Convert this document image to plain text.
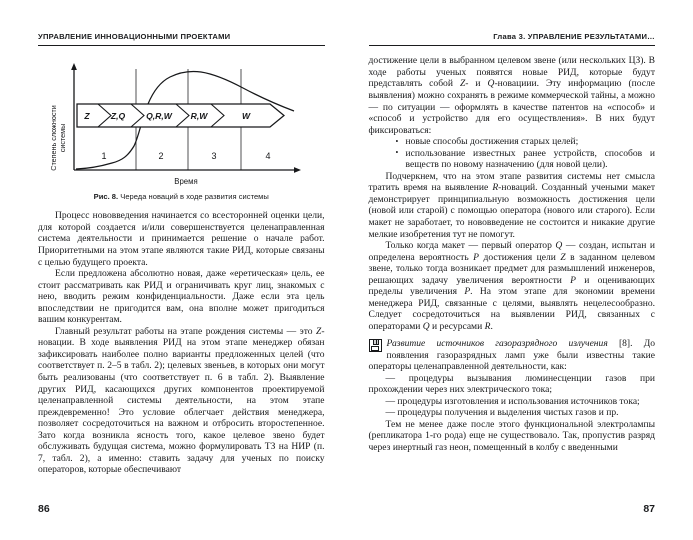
УПРАВЛЕНИЕ ИННОВАЦИОННЫМИ ПРОЕКТАМИ
Степень сложности системы
Z Z,Q Q,R,W R,W	W
1	2	3	4
Время
Рис. 8. Череда новаций в ходе развития системы

Процесс нововведения начинается со всесторонней оценки цели, для которой создается и/или совершенствуется целенаправленная система деятельности и принимается решение о начале работ. Приоритетными на этом этапе являются такие РИД, которые связаны с целью будущего проекта.

Если предложена абсолютно новая, даже «еретическая» цель, ее стоит рассматривать как РИД и ограничивать круг лиц, знакомых с нею, вводить режим конфиденциальности. Даже если эта цель впоследствии не пригодится вам, она вполне может пригодиться вашим конкурентам.

Главный результат работы на этапе рождения системы — это Z-новации. В ходе выявления РИД на этом этапе менеджер обязан зафиксировать наиболее полно варианты предложенных целей (что соответствует п. 2–5 в табл. 2); целевых звеньев, в которых они могут быть реализованы (что соответствует п. 6 в табл. 2). Выявление других РИД, касающихся других компонентов проектируемой целенаправленной системы деятельности, на этом этапе преждевременно! Это условие облегчает действия менеджера, позволяет сосредоточиться на важном и отбросить второстепенное. Зато когда возникла ясность того, какое целевое звено будет обслуживать будущая система, можно формулировать ТЗ на НИР (п. 7, табл. 2), а именно: ставить задачу для ученых по поиску операторов, которые обеспечивают

86
Глава 3. УПРАВЛЕНИЕ РЕЗУЛЬТАТАМИ…

достижение цели в выбранном целевом звене (или нескольких ЦЗ). В ходе работы ученых появятся новые РИД, которые будут представлять собой Z- и Q-новациии. Эту информацию (после выявления) можно сохранять в режиме коммерческой тайны, а можно — по ситуации — оформлять в качестве патентов на «способ» и «способ и устройство для его осуществления». В них будут фиксироваться:

• новые способы достижения старых целей;
• использование известных ранее устройств, способов и веществ по новому назначению (для новой цели).

Подчеркнем, что на этом этапе развития системы нет смысла тратить время на выявление R-новаций. Созданный учеными макет демонстрирует принципиальную возможность достижения цели (новой или старой) с помощью оператора (нового или старого). Если макет не заработает, то нововведение не состоится и никакие другие мелкие изобретения тут не помогут.

Только когда макет — первый оператор Q — создан, испытан и определена вероятность P достижения цели Z в заданном целевом звене, только тогда возникает предмет для размышлений инженеров, решающих задачу увеличения вероятности P и оценивающих пределы увеличения P. На этом этапе для экономии времени менеджера РИД, связанные с целями, выявлять нецелесообразно. Следует сосредоточиться на выявлении РИД, связанных с операторами Q и ресурсами R.

Развитие источников газоразрядного излучения [8]. До появления газоразрядных ламп уже были известны такие операторы целенаправленной деятельности, как:

— процедуры вызывания люминесценции газов при прохождении через них электрического тока;

— процедуры изготовления и использования источников тока;

— процедуры получения и выделения чистых газов и пр.

Тем не менее даже после этого функциональной электролампы (репликатора 1-го рода) еще не существовало. Так, пропустив разряд через инертный газ неон, помещенный в колбу с введенными

87
